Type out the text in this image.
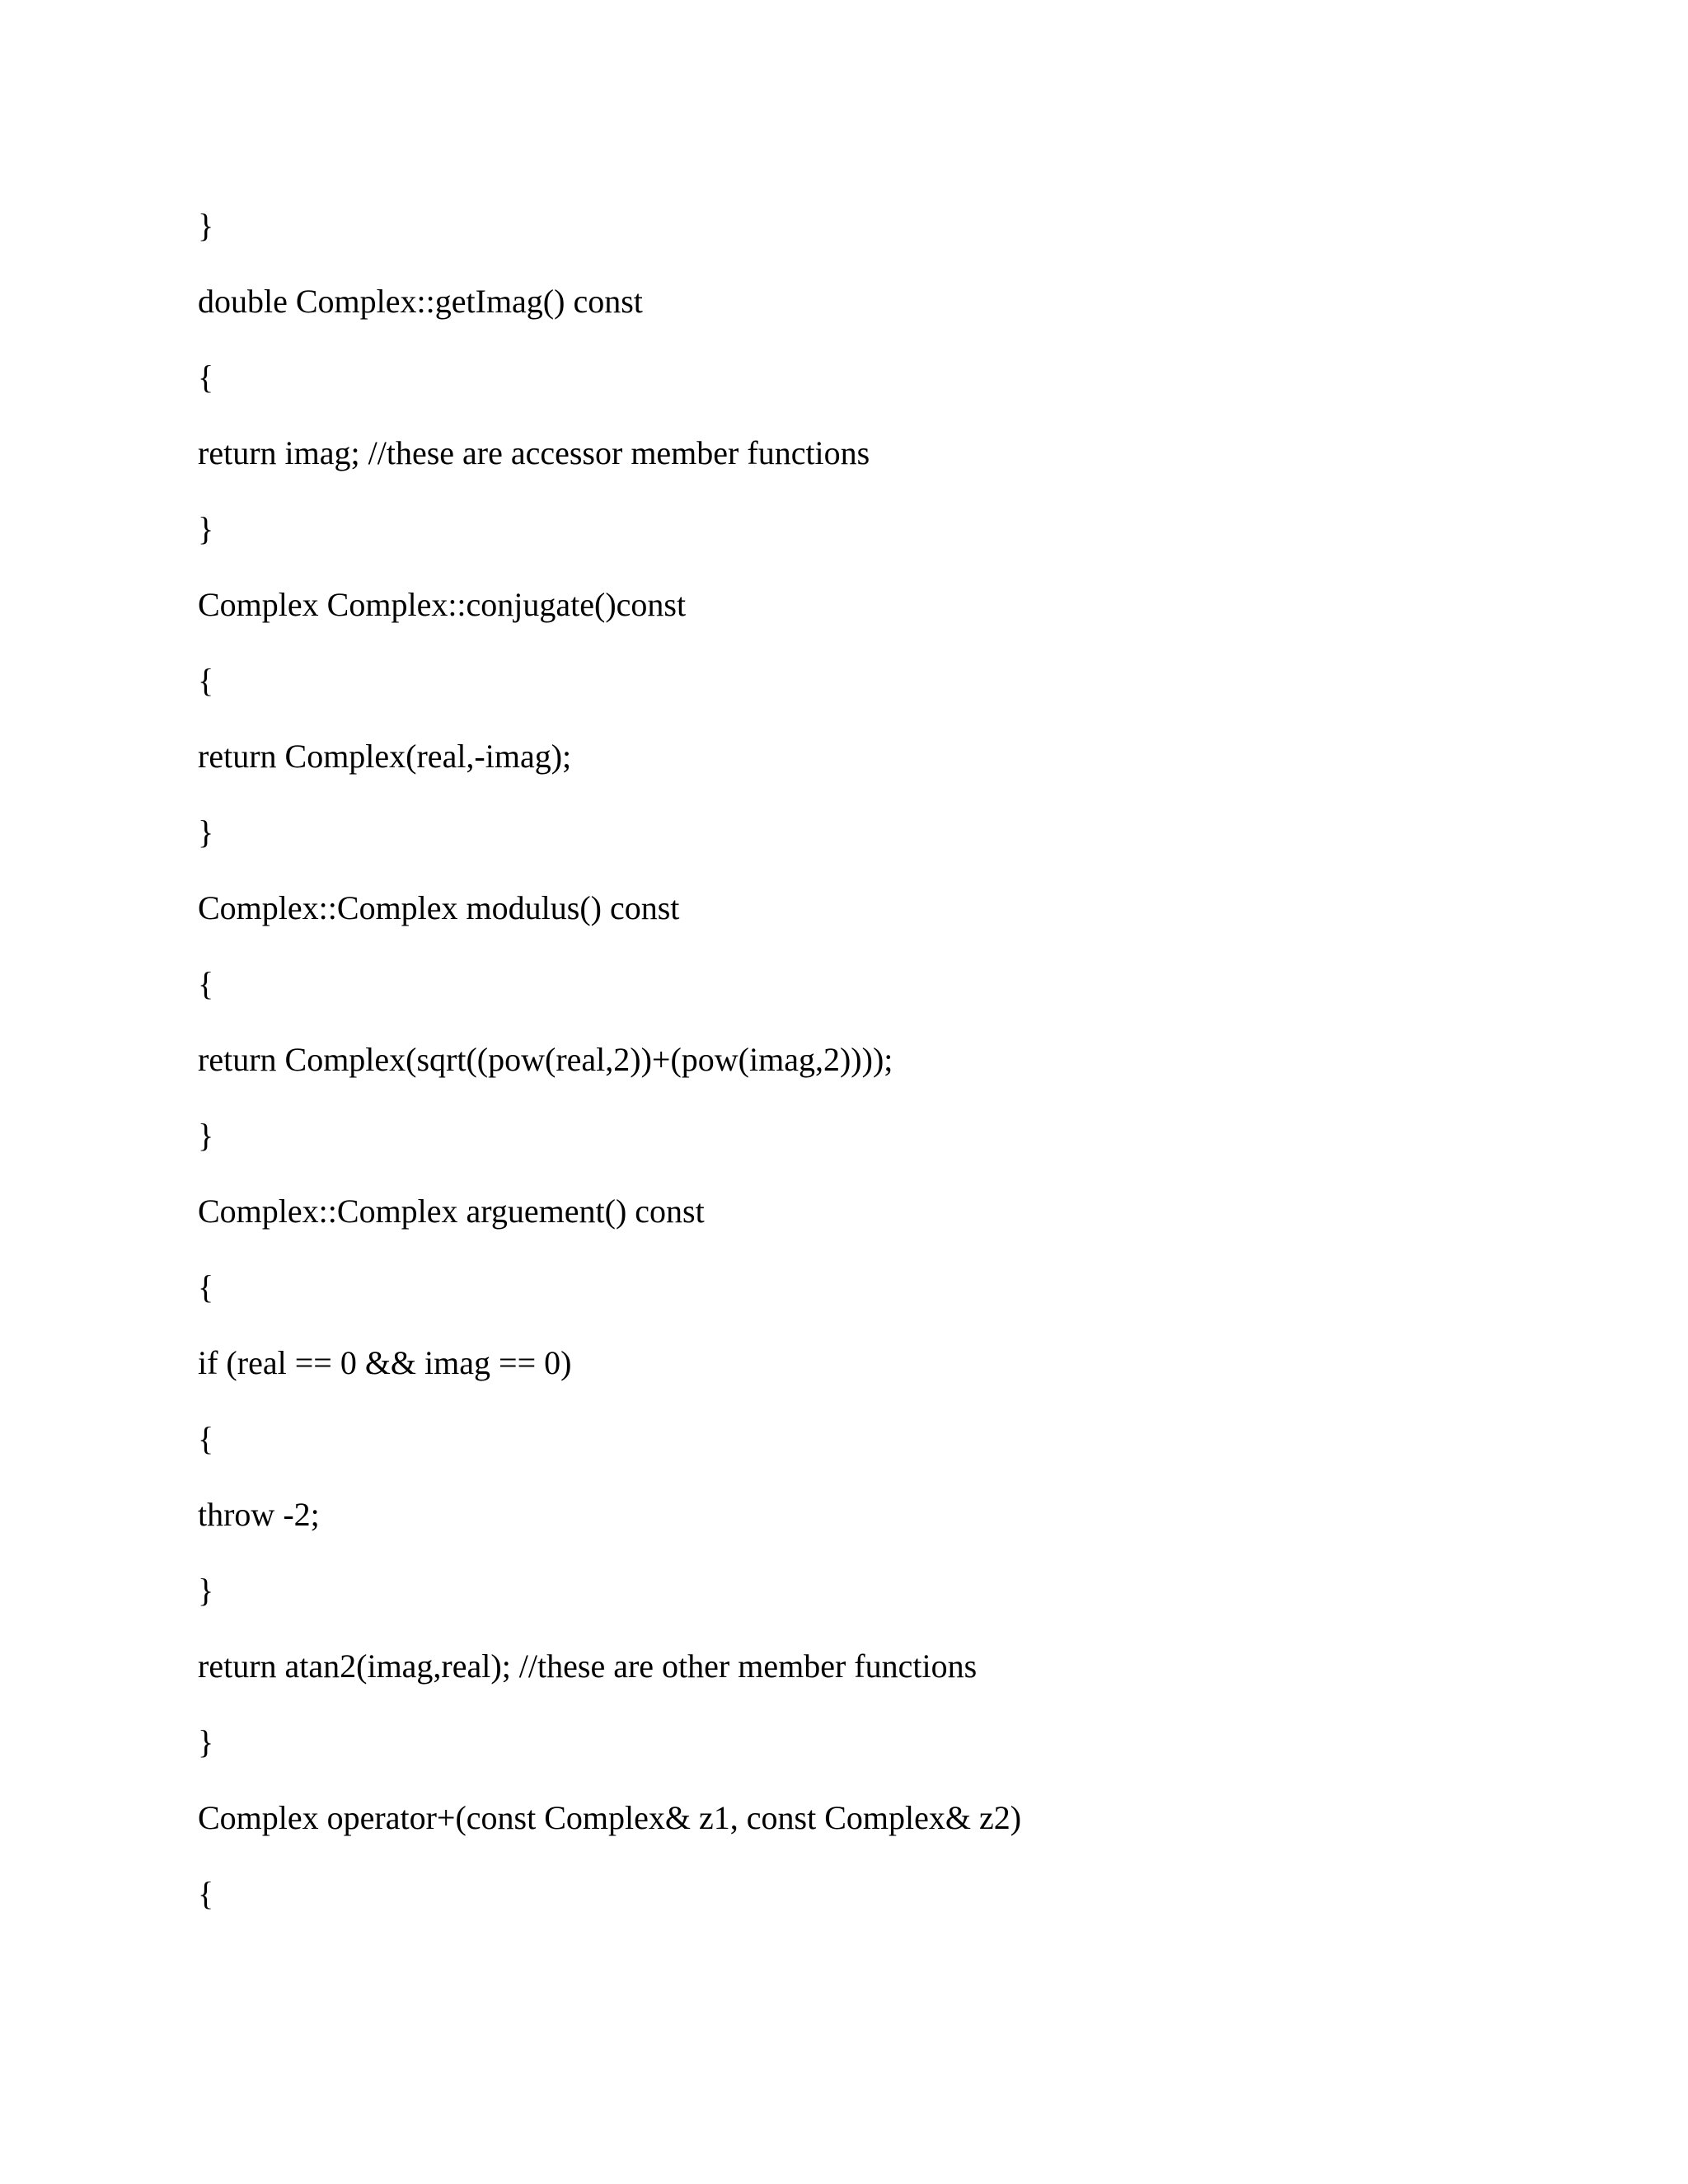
}
double Complex::getImag() const
{
return imag; //these are accessor member functions
}
Complex Complex::conjugate()const
{
return Complex(real,-imag);
}
Complex::Complex modulus() const
{
return Complex(sqrt((pow(real,2))+(pow(imag,2))));
}
Complex::Complex arguement() const
{
if (real == 0 && imag == 0)
{
throw -2;
}
return atan2(imag,real); //these are other member functions
}
Complex operator+(const Complex& z1, const Complex& z2)
{
